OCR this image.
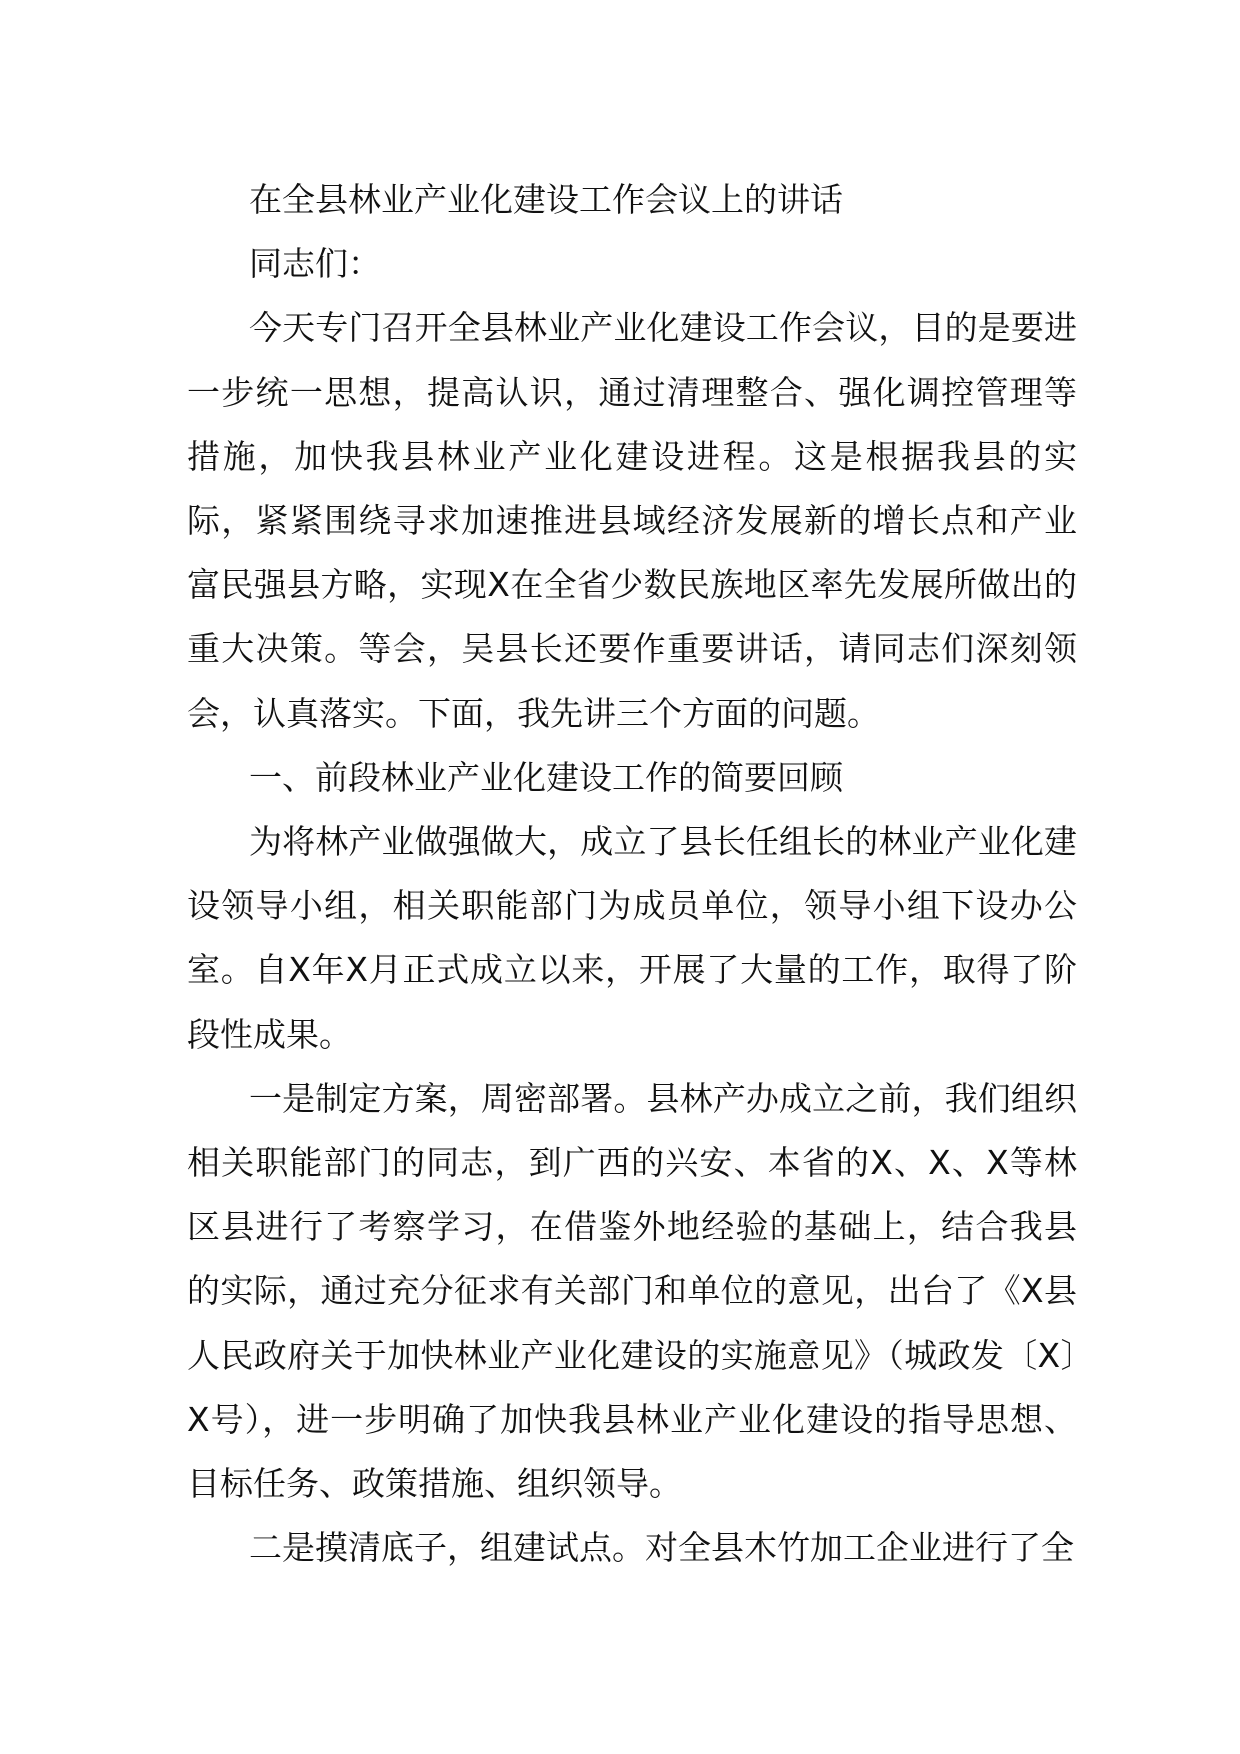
在全县林业产业化建设工作会议上的讲话

同志们：

今天专门召开全县林业产业化建设工作会议，目的是要进一步统一思想，提高认识，通过清理整合、强化调控管理等措施，加快我县林业产业化建设进程。这是根据我县的实际，紧紧围绕寻求加速推进县域经济发展新的增长点和产业富民强县方略，实现X在全省少数民族地区率先发展所做出的重大决策。等会，吴县长还要作重要讲话，请同志们深刻领会，认真落实。下面，我先讲三个方面的问题。

一、前段林业产业化建设工作的简要回顾

为将林产业做强做大，成立了县长任组长的林业产业化建设领导小组，相关职能部门为成员单位，领导小组下设办公室。自X年X月正式成立以来，开展了大量的工作，取得了阶段性成果。

一是制定方案，周密部署。县林产办成立之前，我们组织相关职能部门的同志，到广西的兴安、本省的X、X、X等林区县进行了考察学习，在借鉴外地经验的基础上，结合我县的实际，通过充分征求有关部门和单位的意见，出台了《X县人民政府关于加快林业产业化建设的实施意见》（城政发〔X〕X号），进一步明确了加快我县林业产业化建设的指导思想、目标任务、政策措施、组织领导。

二是摸清底子，组建试点。对全县木竹加工企业进行了全
